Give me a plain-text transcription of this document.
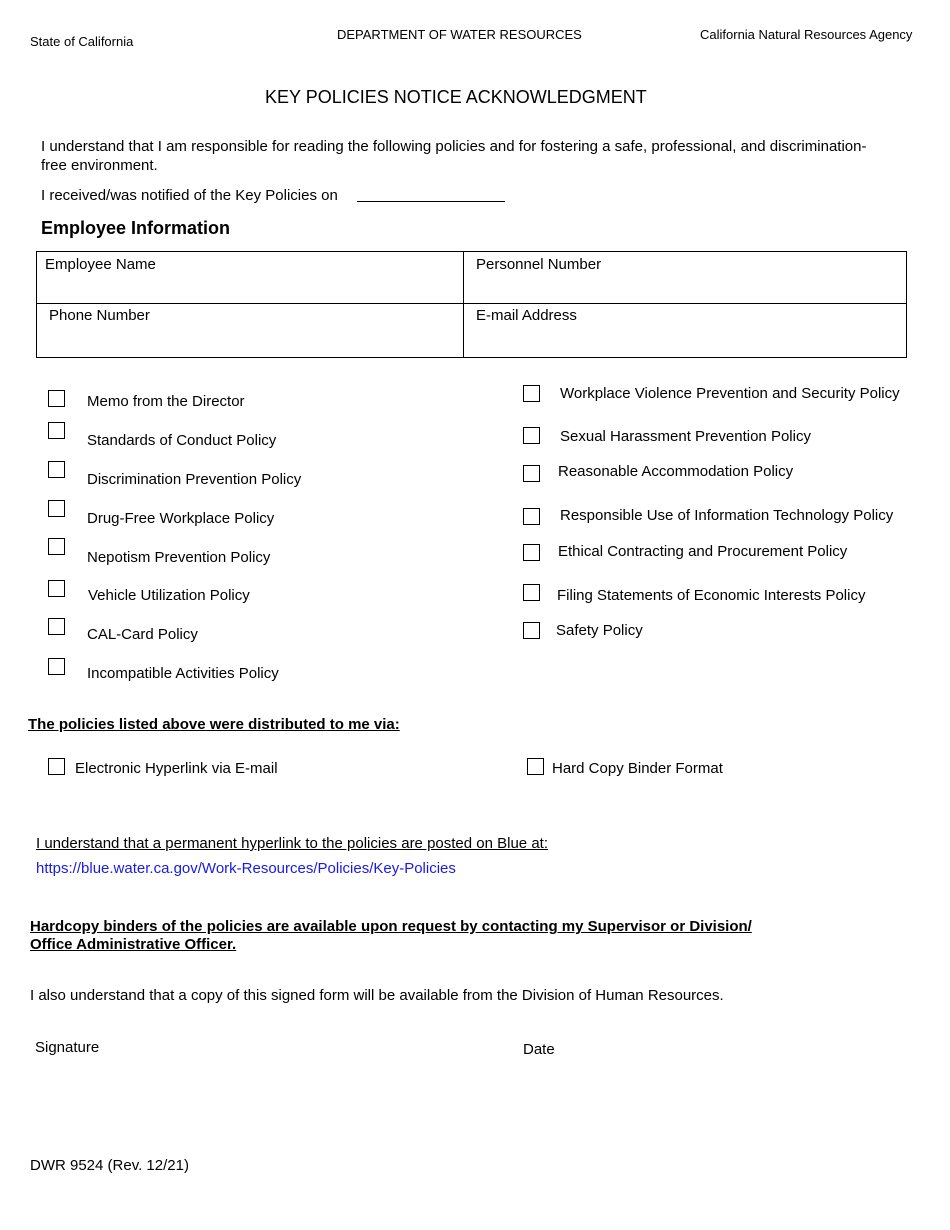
State of California	DEPARTMENT OF WATER RESOURCES	California Natural Resources Agency
KEY POLICIES NOTICE ACKNOWLEDGMENT
I understand that I am responsible for reading the following policies and for fostering a safe, professional, and discrimination-
free environment.
I received/was notified of the Key Policies on
Employee Information
Employee Name	Personnel Number
Phone Number	E-mail Address
Memo from the Director
Standards of Conduct Policy
Discrimination Prevention Policy
Drug-Free Workplace Policy
Nepotism Prevention Policy
Vehicle Utilization Policy
CAL-Card Policy
Incompatible Activities Policy
Workplace Violence Prevention and Security Policy
Sexual Harassment Prevention Policy
Reasonable Accommodation Policy
Responsible Use of Information Technology Policy
Ethical Contracting and Procurement Policy
Filing Statements of Economic Interests Policy
Safety Policy
The policies listed above were distributed to me via:
Electronic Hyperlink via E-mail	Hard Copy Binder Format
I understand that a permanent hyperlink to the policies are posted on Blue at:
https://blue.water.ca.gov/Work-Resources/Policies/Key-Policies
Hardcopy binders of the policies are available upon request by contacting my Supervisor or Division/
Office Administrative Officer.
I also understand that a copy of this signed form will be available from the Division of Human Resources.
Signature	Date
DWR 9524 (Rev. 12/21)
